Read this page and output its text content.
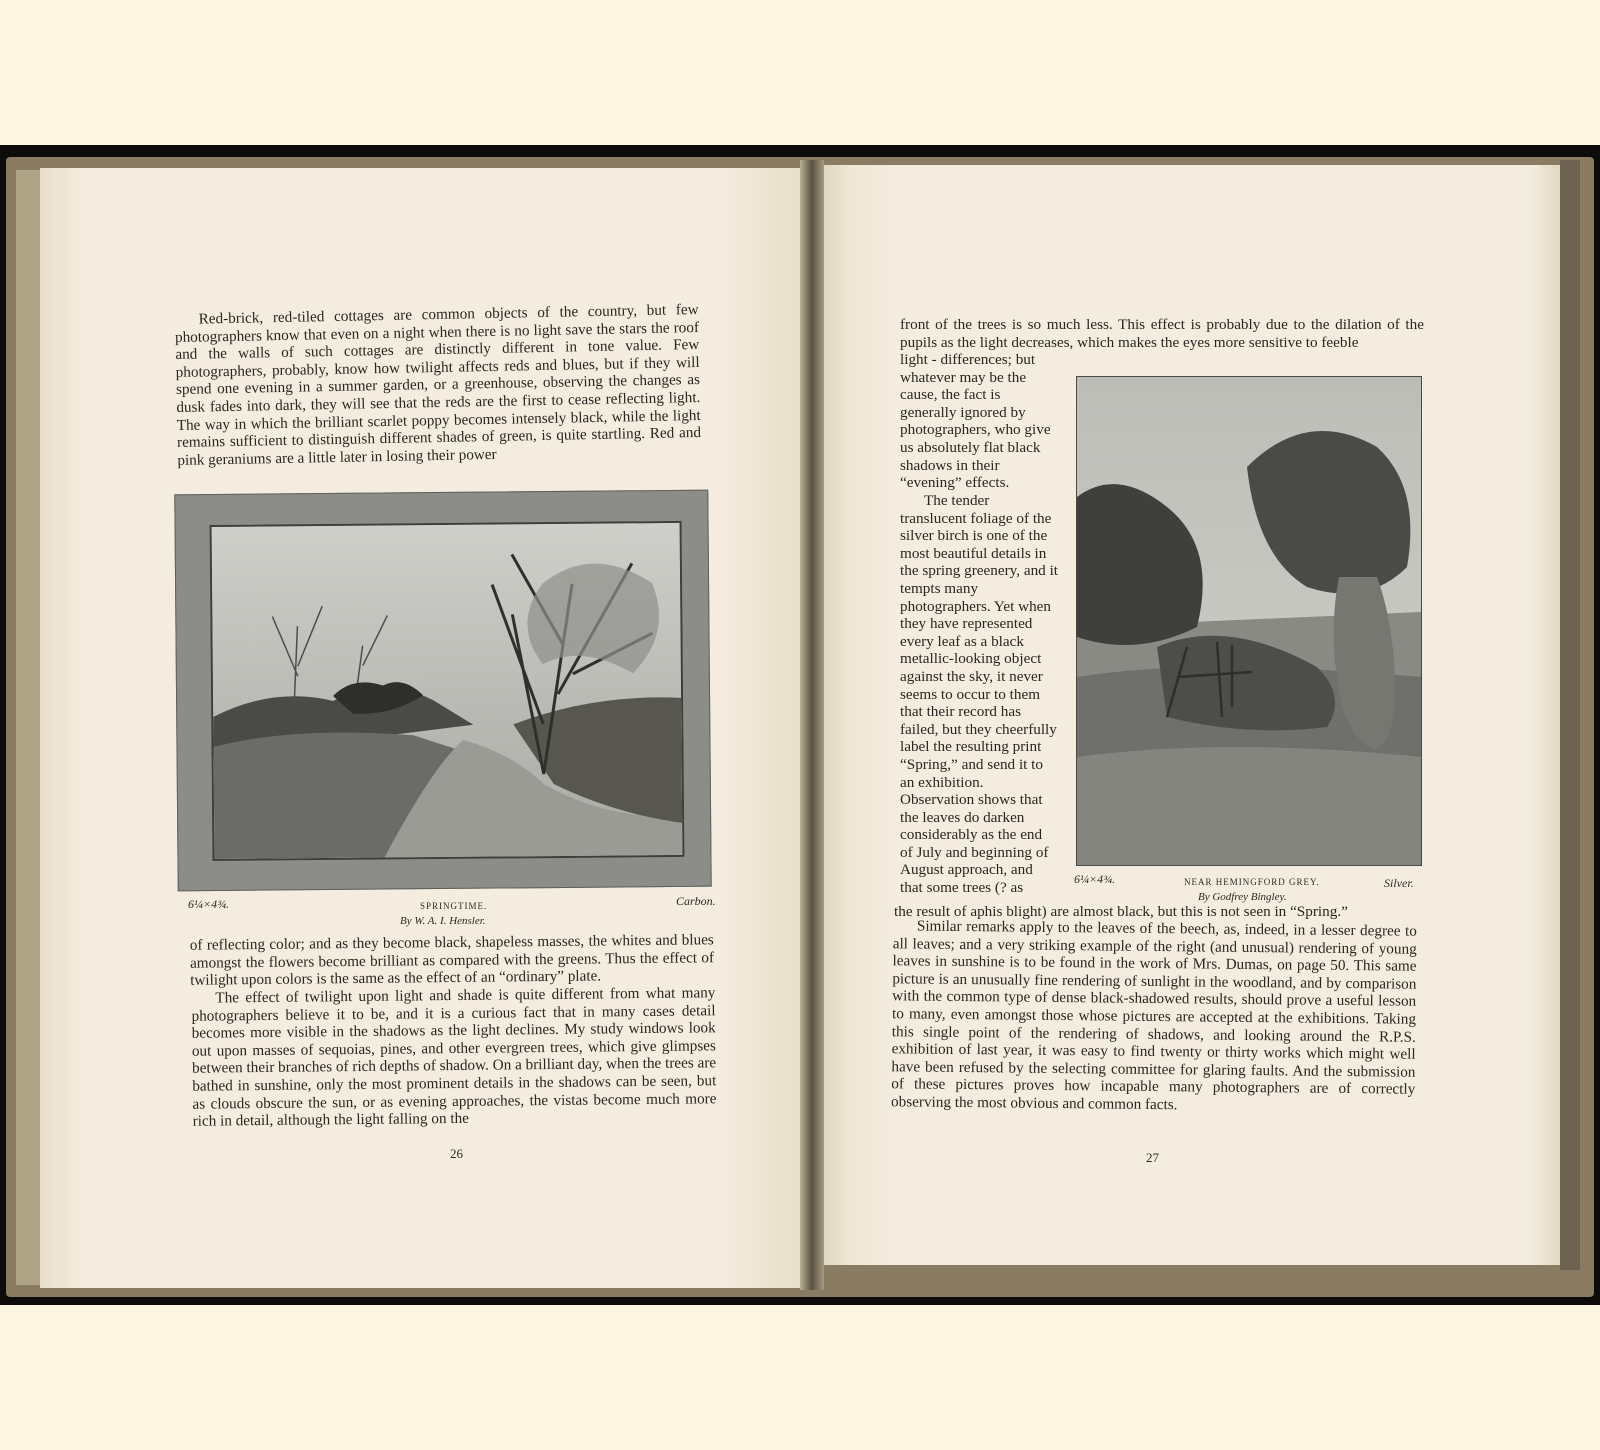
Red-brick, red-tiled cottages are common objects of the country, but few photographers know that even on a night when there is no light save the stars the roof and the walls of such cottages are distinctly different in tone value. Few photographers, probably, know how twilight affects reds and blues, but if they will spend one evening in a summer garden, or a greenhouse, observing the changes as dusk fades into dark, they will see that the reds are the first to cease reflecting light. The way in which the brilliant scarlet poppy becomes intensely black, while the light remains sufficient to distinguish different shades of green, is quite startling. Red and pink geraniums are a little later in losing their power

6¼×4¾.	SPRINGTIME.	Carbon.
By W. A. I. Hensler.

of reflecting color; and as they become black, shapeless masses, the whites and blues amongst the flowers become brilliant as compared with the greens. Thus the effect of twilight upon colors is the same as the effect of an “ordinary” plate.

The effect of twilight upon light and shade is quite different from what many photographers believe it to be, and it is a curious fact that in many cases detail becomes more visible in the shadows as the light declines. My study windows look out upon masses of sequoias, pines, and other evergreen trees, which give glimpses between their branches of rich depths of shadow. On a brilliant day, when the trees are bathed in sunshine, only the most prominent details in the shadows can be seen, but as clouds obscure the sun, or as evening approaches, the vistas become much more rich in detail, although the light falling on the

26

front of the trees is so much less. This effect is probably due to the dilation of the pupils as the light decreases, which makes the eyes more sensitive to feeble

light - differences; but whatever may be the cause, the fact is generally ignored by photographers, who give us absolutely flat black shadows in their “evening” effects.

The tender translucent foliage of the silver birch is one of the most beautiful details in the spring greenery, and it tempts many photographers. Yet when they have represented every leaf as a black metallic-looking object against the sky, it never seems to occur to them that their record has failed, but they cheerfully label the resulting print “Spring,” and send it to an exhibition. Observation shows that the leaves do darken considerably as the end of July and beginning of August approach, and that some trees (? as

the result of aphis blight) are almost black, but this is not seen in “Spring.”

6¼×4¾.	NEAR HEMINGFORD GREY.	Silver.
By Godfrey Bingley.

Similar remarks apply to the leaves of the beech, as, indeed, in a lesser degree to all leaves; and a very striking example of the right (and unusual) rendering of young leaves in sunshine is to be found in the work of Mrs. Dumas, on page 50. This same picture is an unusually fine rendering of sunlight in the woodland, and by comparison with the common type of dense black-shadowed results, should prove a useful lesson to many, even amongst those whose pictures are accepted at the exhibitions. Taking this single point of the rendering of shadows, and looking around the R.P.S. exhibition of last year, it was easy to find twenty or thirty works which might well have been refused by the selecting committee for glaring faults. And the submission of these pictures proves how incapable many photographers are of correctly observing the most obvious and common facts.

27
